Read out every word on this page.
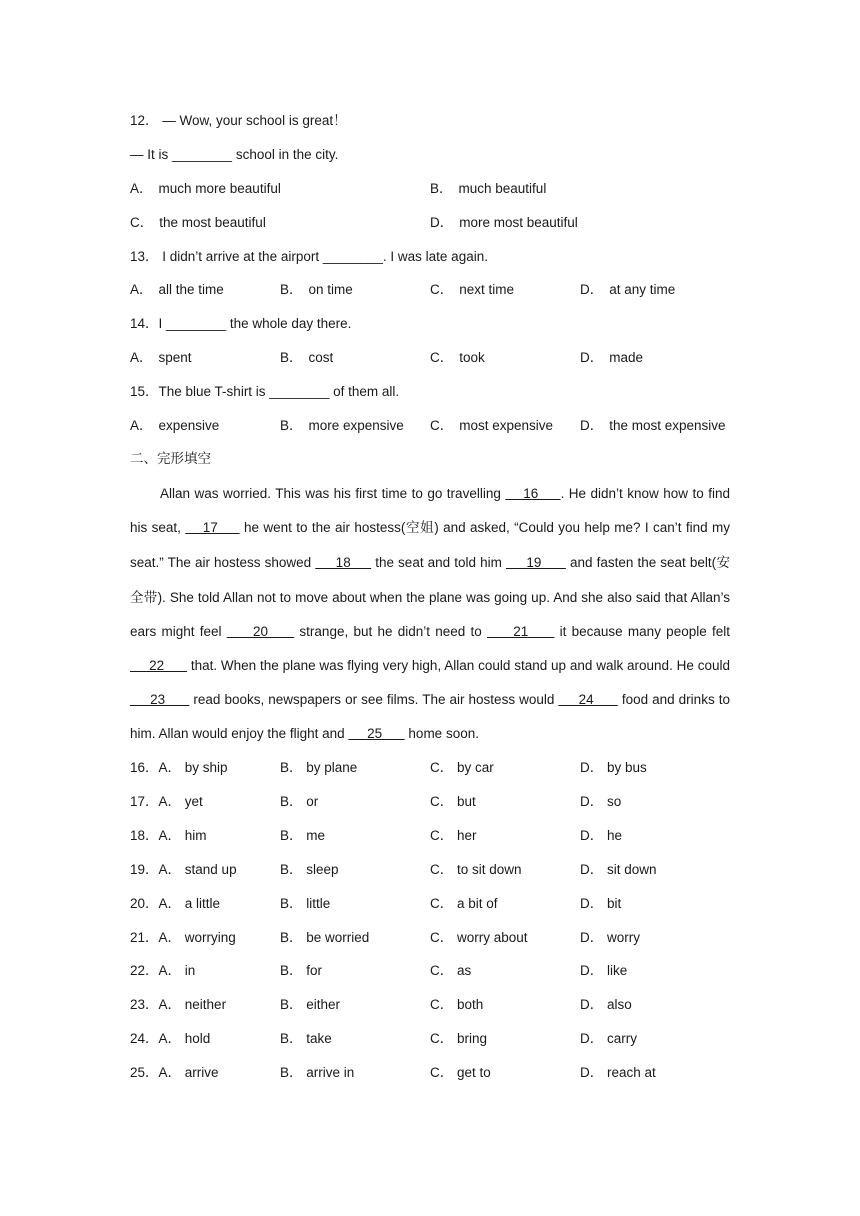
12． — Wow, your school is great！
— It is ________ school in the city.
A． much more beautiful	B． much beautiful
C． the most beautiful	D． more most beautiful
13． I didn’t arrive at the airport ________. I was late again.
A． all the time	B． on time	C． next time	D． at any time
14．I ________ the whole day there.
A． spent	B． cost	C． took	D． made
15．The blue T-shirt is ________ of them all.
A． expensive	B． more expensive C． most expensive D． the most expensive
二、完形填空

Allan was worried. This was his first time to go travelling     16     . He didn’t know how to find his seat,     17      he went to the air hostess(空姐) and asked, “Could you help me? I can’t find my seat.” The air hostess showed      18      the seat and told him      19       and fasten the seat belt(安全带). She told Allan not to move about when the plane was going up. And she also said that Allan’s ears might feel      20      strange, but he didn’t need to      21      it because many people felt      22       that. When the plane was flying very high, Allan could stand up and walk around. He could      23       read books, newspapers or see films. The air hostess would      24       food and drinks to him. Allan would enjoy the flight and      25       home soon.

16．A． by ship	B． by plane	C． by car	D． by bus
17．A． yet	B． or	C． but	D． so
18．A． him	B． me	C． her	D． he
19．A． stand up	B． sleep	C． to sit down	D． sit down
20．A． a little	B． little	C． a bit of	D． bit
21．A． worrying	B． be worried	C． worry about	D． worry
22．A． in	B． for	C． as	D． like
23．A． neither	B． either	C． both	D． also
24．A． hold	B． take	C． bring	D． carry
25．A． arrive	B． arrive in	C． get to	D． reach at
